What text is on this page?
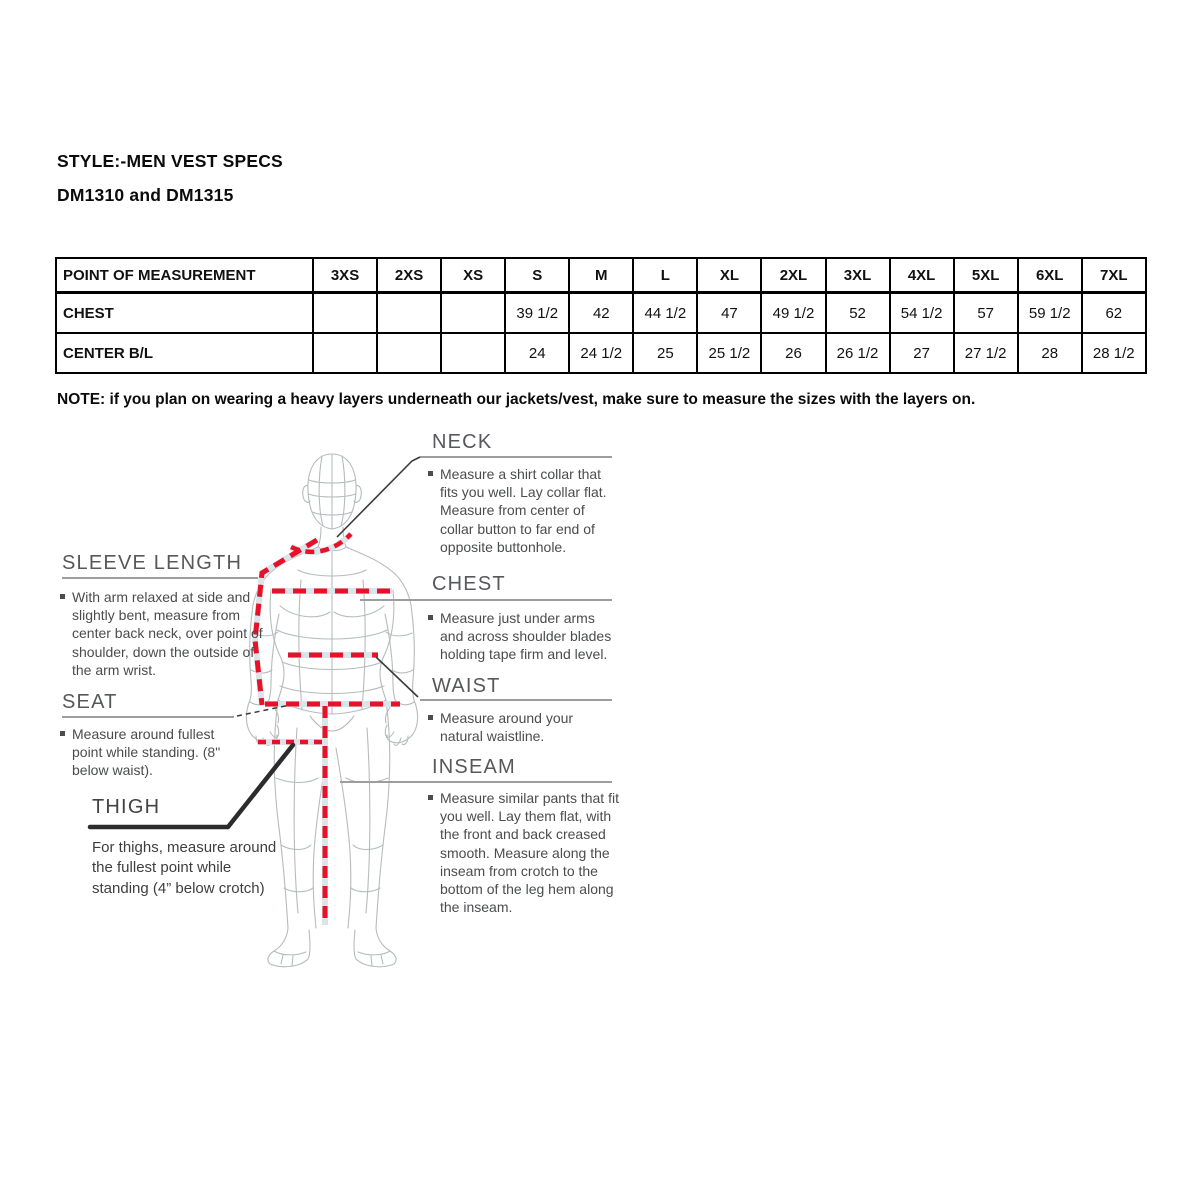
STYLE:-MEN VEST SPECS
DM1310 and DM1315
POINT OF MEASUREMENT	3XS	2XS	XS	S	M	L	XL	2XL	3XL	4XL	5XL	6XL	7XL
CHEST				39 1/2	42	44 1/2	47	49 1/2	52	54 1/2	57	59 1/2	62
CENTER B/L				24	24 1/2	25	25 1/2	26	26 1/2	27	27 1/2	28	28 1/2
NOTE: if you plan on wearing a heavy layers underneath our jackets/vest, make sure to measure the sizes with the layers on.
NECK
Measure a shirt collar that fits you well. Lay collar flat. Measure from center of collar button to far end of opposite buttonhole.
SLEEVE LENGTH
With arm relaxed at side and slightly bent, measure from center back neck, over point of shoulder, down the outside of the arm wrist.
CHEST
Measure just under arms and across shoulder blades holding tape firm and level.
WAIST
Measure around your natural waistline.
SEAT
Measure around fullest point while standing. (8" below waist).	INSEAM
Measure similar pants that fit you well. Lay them flat, with the front and back creased smooth. Measure along the inseam from crotch to the bottom of the leg hem along the inseam.
THIGH
For thighs, measure around the fullest point while standing (4” below crotch)
